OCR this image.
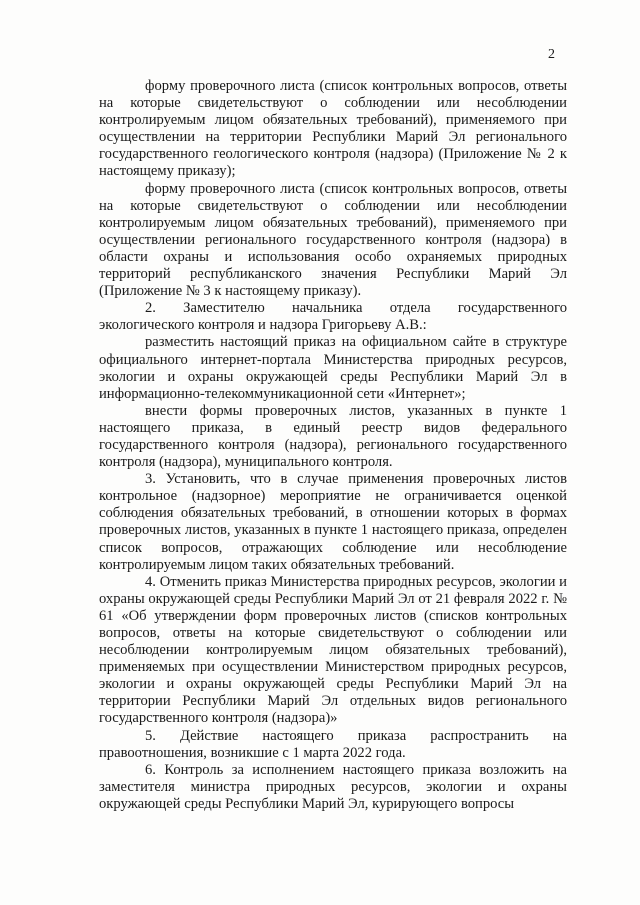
2

форму проверочного листа (список контрольных вопросов, ответы на которые свидетельствуют о соблюдении или несоблюдении контролируемым лицом обязательных требований), применяемого при осуществлении на территории Республики Марий Эл регионального государственного геологического контроля (надзора) (Приложение № 2 к настоящему приказу);

форму проверочного листа (список контрольных вопросов, ответы на которые свидетельствуют о соблюдении или несоблюдении контролируемым лицом обязательных требований), применяемого при осуществлении регионального государственного контроля (надзора) в области охраны и использования особо охраняемых природных территорий республиканского значения Республики Марий Эл (Приложение № 3 к настоящему приказу).

2. Заместителю начальника отдела государственного экологического контроля и надзора Григорьеву А.В.:

разместить настоящий приказ на официальном сайте в структуре официального интернет-портала Министерства природных ресурсов, экологии и охраны окружающей среды Республики Марий Эл в информационно-телекоммуникационной сети «Интернет»;

внести формы проверочных листов, указанных в пункте 1 настоящего приказа, в единый реестр видов федерального государственного контроля (надзора), регионального государственного контроля (надзора), муниципального контроля.

3. Установить, что в случае применения проверочных листов контрольное (надзорное) мероприятие не ограничивается оценкой соблюдения обязательных требований, в отношении которых в формах проверочных листов, указанных в пункте 1 настоящего приказа, определен список вопросов, отражающих соблюдение или несоблюдение контролируемым лицом таких обязательных требований.

4. Отменить приказ Министерства природных ресурсов, экологии и охраны окружающей среды Республики Марий Эл от 21 февраля 2022 г. № 61 «Об утверждении форм проверочных листов (списков контрольных вопросов, ответы на которые свидетельствуют о соблюдении или несоблюдении контролируемым лицом обязательных требований), применяемых при осуществлении Министерством природных ресурсов, экологии и охраны окружающей среды Республики Марий Эл на территории Республики Марий Эл отдельных видов регионального государственного контроля (надзора)»

5. Действие настоящего приказа распространить на правоотношения, возникшие с 1 марта 2022 года.

6. Контроль за исполнением настоящего приказа возложить на заместителя министра природных ресурсов, экологии и охраны окружающей среды Республики Марий Эл, курирующего вопросы
